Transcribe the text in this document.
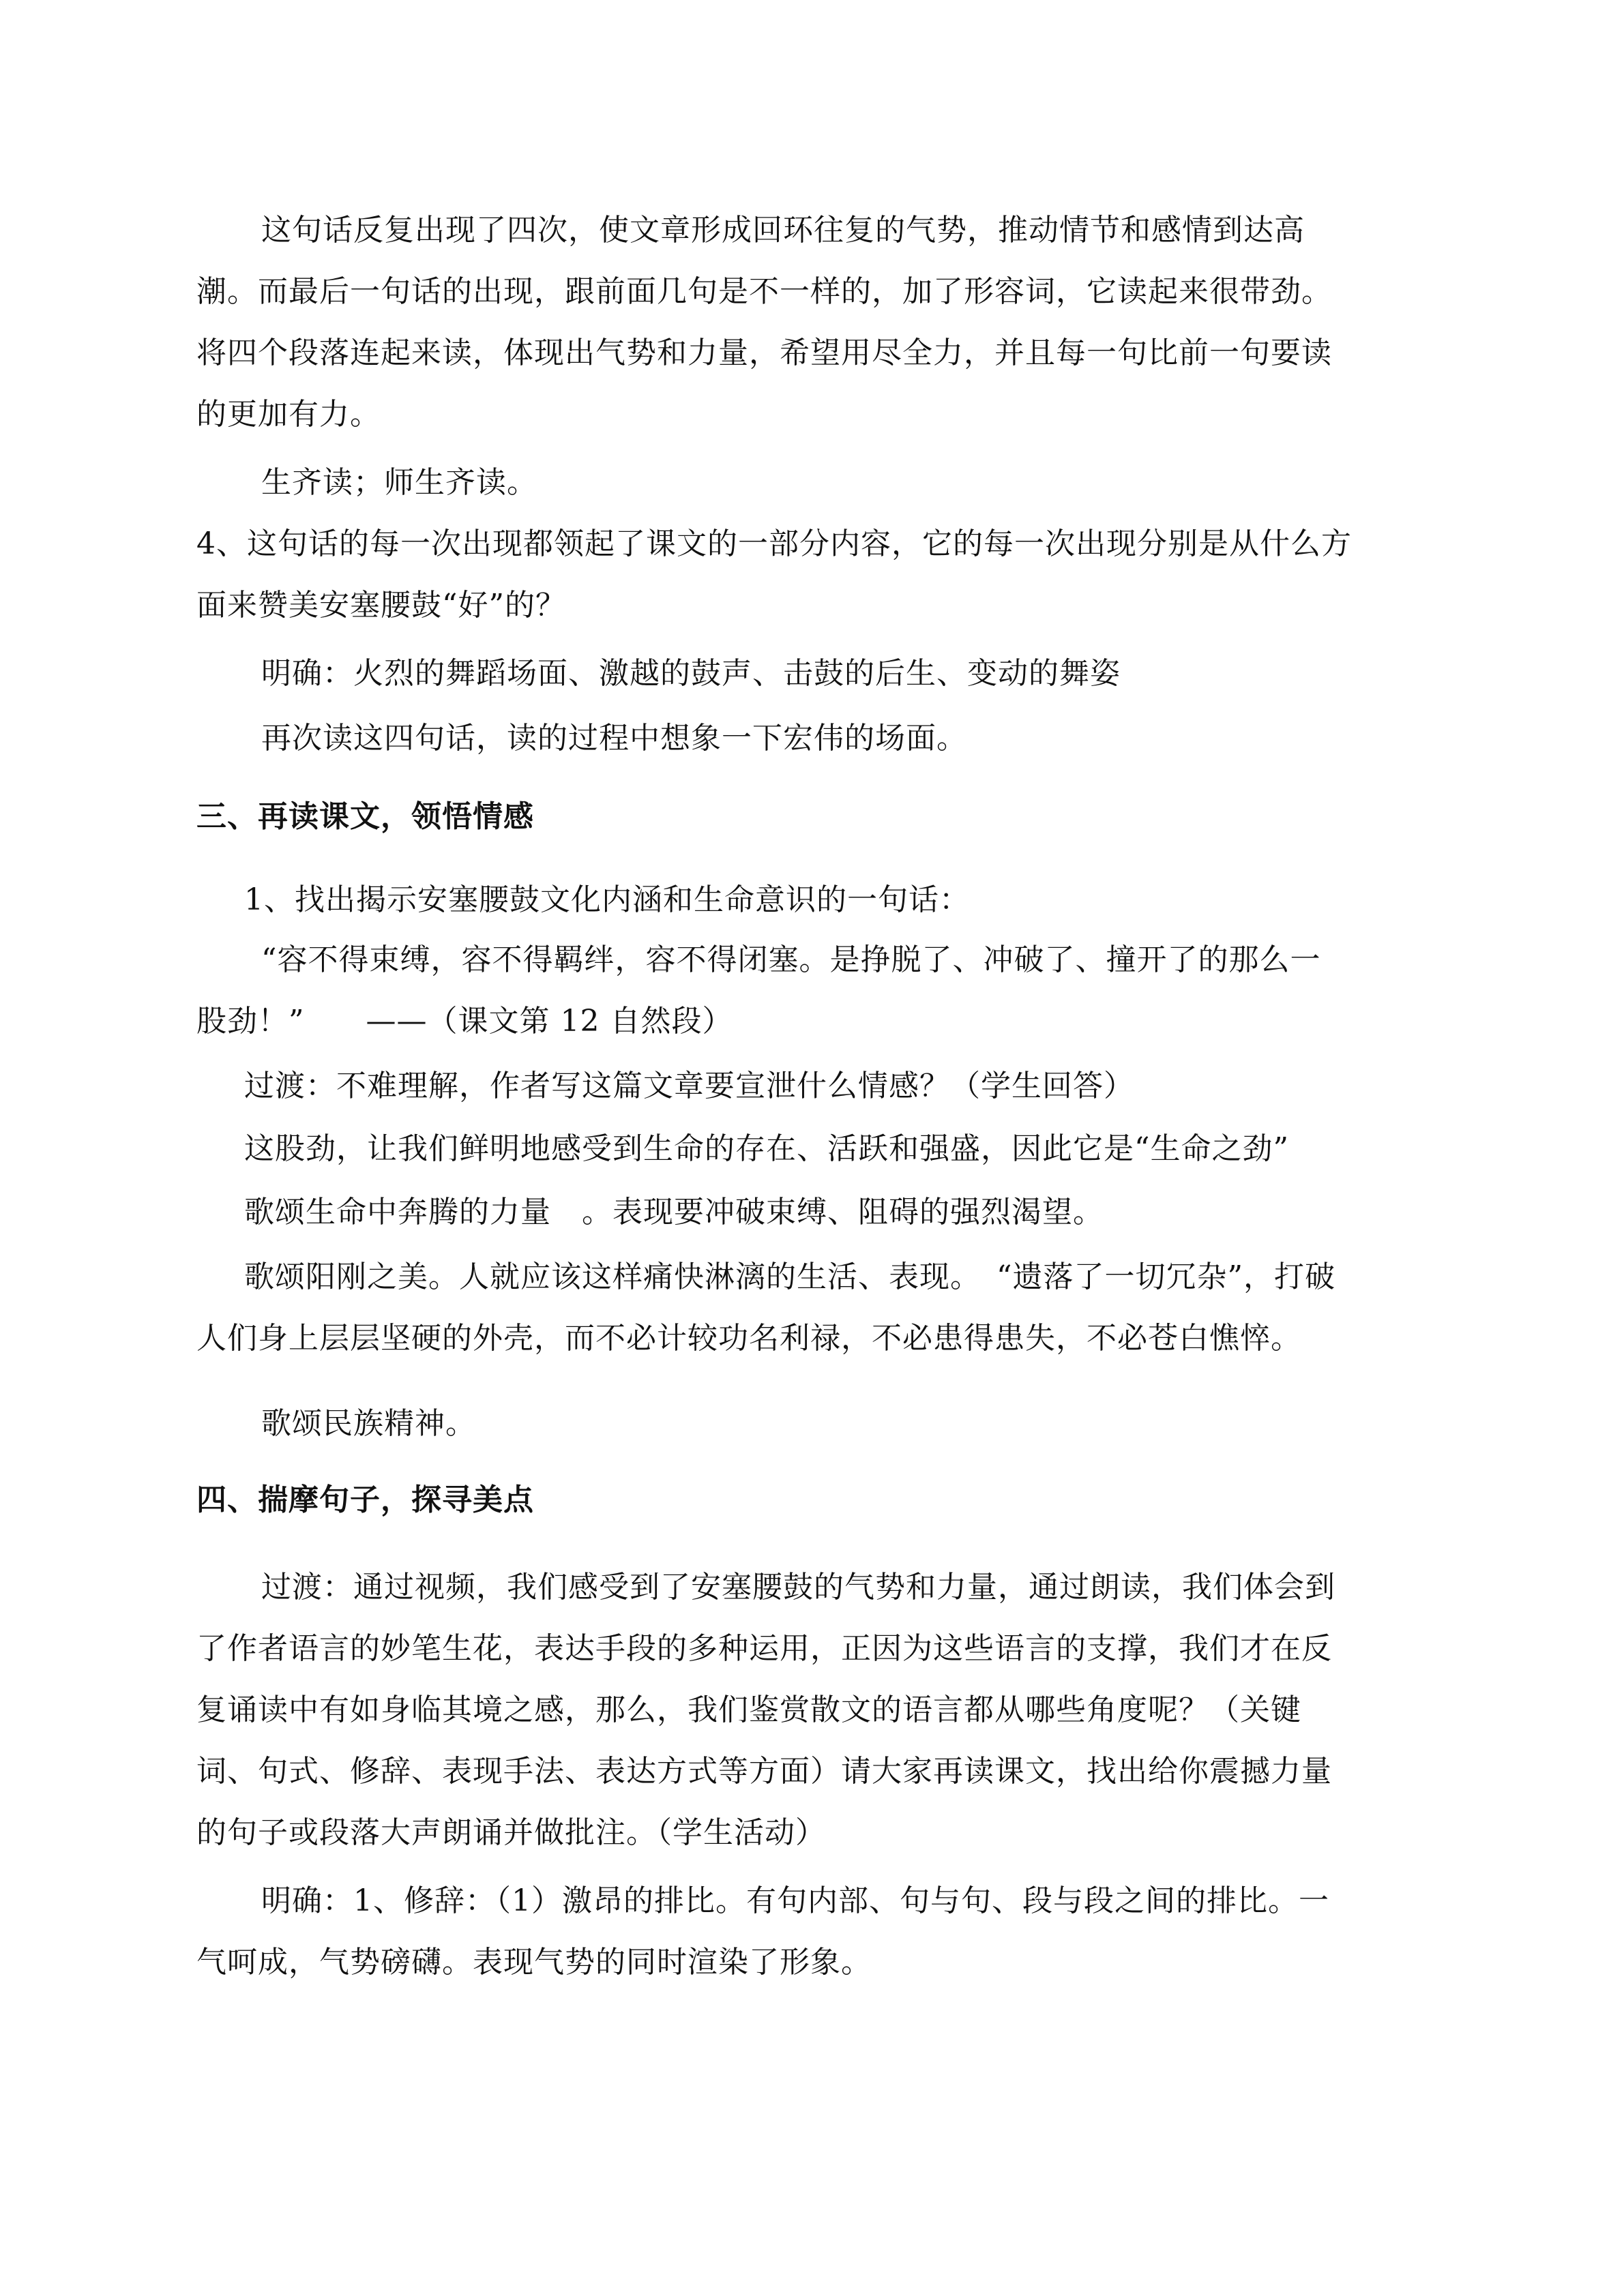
这句话反复出现了四次，使文章形成回环往复的气势，推动情节和感情到达高
潮。而最后一句话的出现，跟前面几句是不一样的，加了形容词，它读起来很带劲。
将四个段落连起来读，体现出气势和力量，希望用尽全力，并且每一句比前一句要读
的更加有力。
生齐读；师生齐读。
4、这句话的每一次出现都领起了课文的一部分内容，它的每一次出现分别是从什么方
面来赞美安塞腰鼓“好”的？
明确：火烈的舞蹈场面、激越的鼓声、击鼓的后生、变动的舞姿
再次读这四句话，读的过程中想象一下宏伟的场面。
三、再读课文，领悟情感
1、找出揭示安塞腰鼓文化内涵和生命意识的一句话：
“容不得束缚，容不得羁绊，容不得闭塞。是挣脱了、冲破了、撞开了的那么一
股劲！”　　——（课文第 12 自然段）
过渡：不难理解，作者写这篇文章要宣泄什么情感？（学生回答）
这股劲，让我们鲜明地感受到生命的存在、活跃和强盛，因此它是“生命之劲”
歌颂生命中奔腾的力量　。表现要冲破束缚、阻碍的强烈渴望。
歌颂阳刚之美。人就应该这样痛快淋漓的生活、表现。　“遗落了一切冗杂”，打破
人们身上层层坚硬的外壳，而不必计较功名利禄，不必患得患失，不必苍白憔悴。
歌颂民族精神。
四、揣摩句子，探寻美点
过渡：通过视频，我们感受到了安塞腰鼓的气势和力量，通过朗读，我们体会到
了作者语言的妙笔生花，表达手段的多种运用，正因为这些语言的支撑，我们才在反
复诵读中有如身临其境之感，那么，我们鉴赏散文的语言都从哪些角度呢？（关键
词、句式、修辞、表现手法、表达方式等方面）请大家再读课文，找出给你震撼力量
的句子或段落大声朗诵并做批注。（学生活动）
明确：1、修辞：（1）激昂的排比。有句内部、句与句、段与段之间的排比。一
气呵成，气势磅礴。表现气势的同时渲染了形象。
